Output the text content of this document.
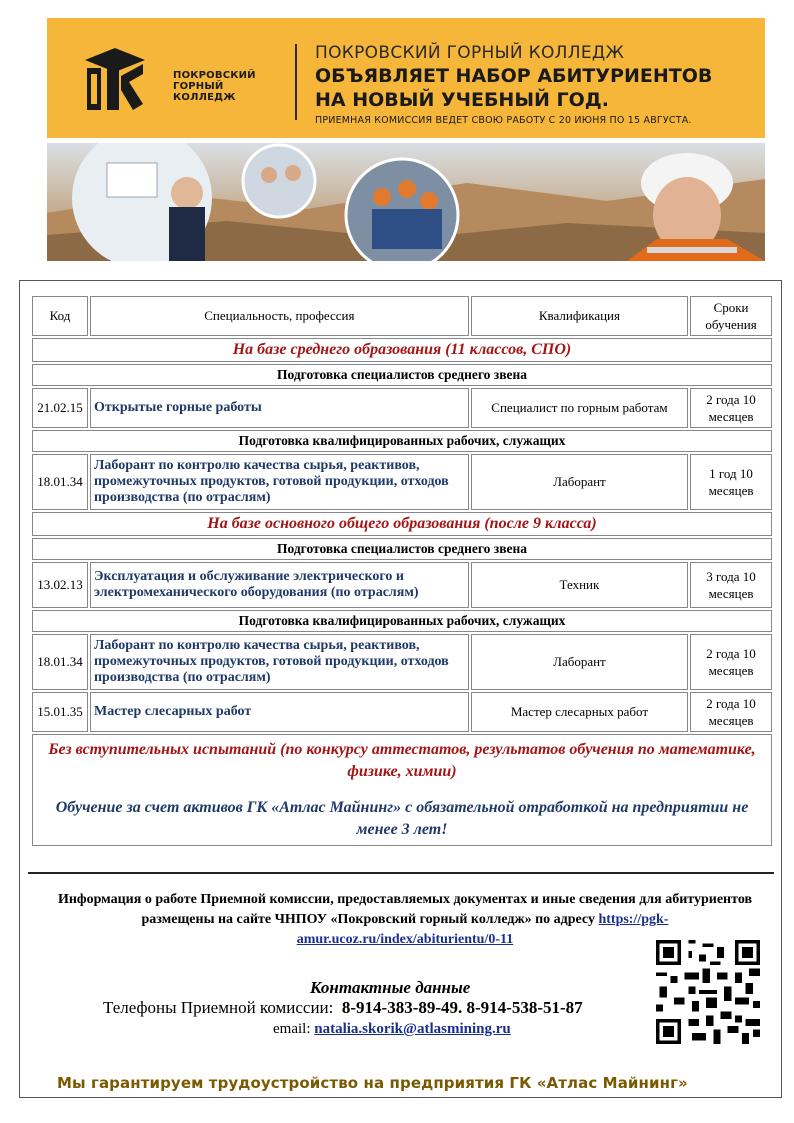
ПОКРОВСКИЙ
ГОРНЫЙ
КОЛЛЕДЖ
ПОКРОВСКИЙ ГОРНЫЙ КОЛЛЕДЖ
ОБЪЯВЛЯЕТ НАБОР АБИТУРИЕНТОВ
НА НОВЫЙ УЧЕБНЫЙ ГОД.
ПРИЕМНАЯ КОМИССИЯ ВЕДЕТ СВОЮ РАБОТУ С 20 ИЮНЯ ПО 15 АВГУСТА.
Код	Специальность, профессия	Квалификация	Сроки обучения
На базе среднего образования (11 классов, СПО)			
Подготовка специалистов среднего звена			
21.02.15	Открытые горные работы	Специалист по горным работам	2 года 10 месяцев
Подготовка квалифицированных рабочих, служащих			
18.01.34	Лаборант по контролю качества сырья, реактивов, промежуточных продуктов, готовой продукции, отходов производства (по отраслям)	Лаборант	1 год 10 месяцев
На базе основного общего образования (после 9 класса)			
Подготовка специалистов среднего звена			
13.02.13	Эксплуатация и обслуживание электрического и электромеханического оборудования (по отраслям)	Техник	3 года 10 месяцев
Подготовка квалифицированных рабочих, служащих			
18.01.34	Лаборант по контролю качества сырья, реактивов, промежуточных продуктов, готовой продукции, отходов производства (по отраслям)	Лаборант	2 года 10 месяцев
15.01.35	Мастер слесарных работ	Мастер слесарных работ	2 года 10 месяцев

Без вступительных испытаний (по конкурсу аттестатов, результатов обучения по математике, физике, химии)
Обучение за счет активов ГК «Атлас Майнинг» с обязательной отработкой на предприятии не менее 3 лет!			
Информация о работе Приемной комиссии, предоставляемых документах и иные сведения для абитуриентов размещены на сайте ЧНПОУ «Покровский горный колледж» по адресу https://pgk-amur.ucoz.ru/index/abiturientu/0-11
Контактные данные
Телефоны Приемной комиссии: 8-914-383-89-49. 8-914-538-51-87
email: natalia.skorik@atlasmining.ru
Мы гарантируем трудоустройство на предприятия ГК «Атлас Майнинг»
